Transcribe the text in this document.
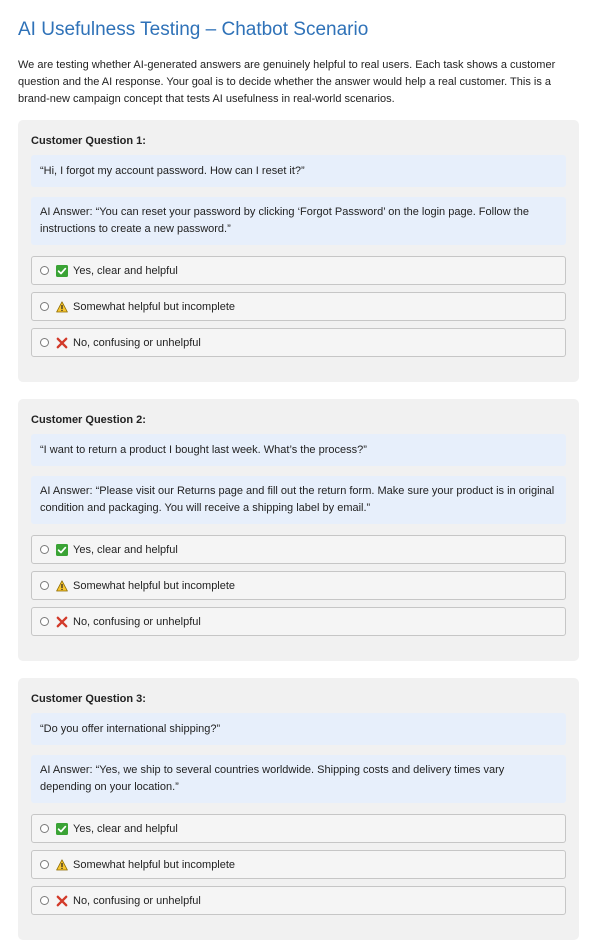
AI Usefulness Testing – Chatbot Scenario

We are testing whether AI-generated answers are genuinely helpful to real users. Each task shows a customer question and the AI response. Your goal is to decide whether the answer would help a real customer. This is a brand-new campaign concept that tests AI usefulness in real-world scenarios.

Customer Question 1:
“Hi, I forgot my account password. How can I reset it?”
AI Answer: “You can reset your password by clicking ‘Forgot Password’ on the login page. Follow the instructions to create a new password.”
Yes, clear and helpful
Somewhat helpful but incomplete
No, confusing or unhelpful
Customer Question 2:
“I want to return a product I bought last week. What’s the process?”
AI Answer: “Please visit our Returns page and fill out the return form. Make sure your product is in original condition and packaging. You will receive a shipping label by email.”
Yes, clear and helpful
Somewhat helpful but incomplete
No, confusing or unhelpful
Customer Question 3:
“Do you offer international shipping?”
AI Answer: “Yes, we ship to several countries worldwide. Shipping costs and delivery times vary depending on your location.”
Yes, clear and helpful
Somewhat helpful but incomplete
No, confusing or unhelpful
